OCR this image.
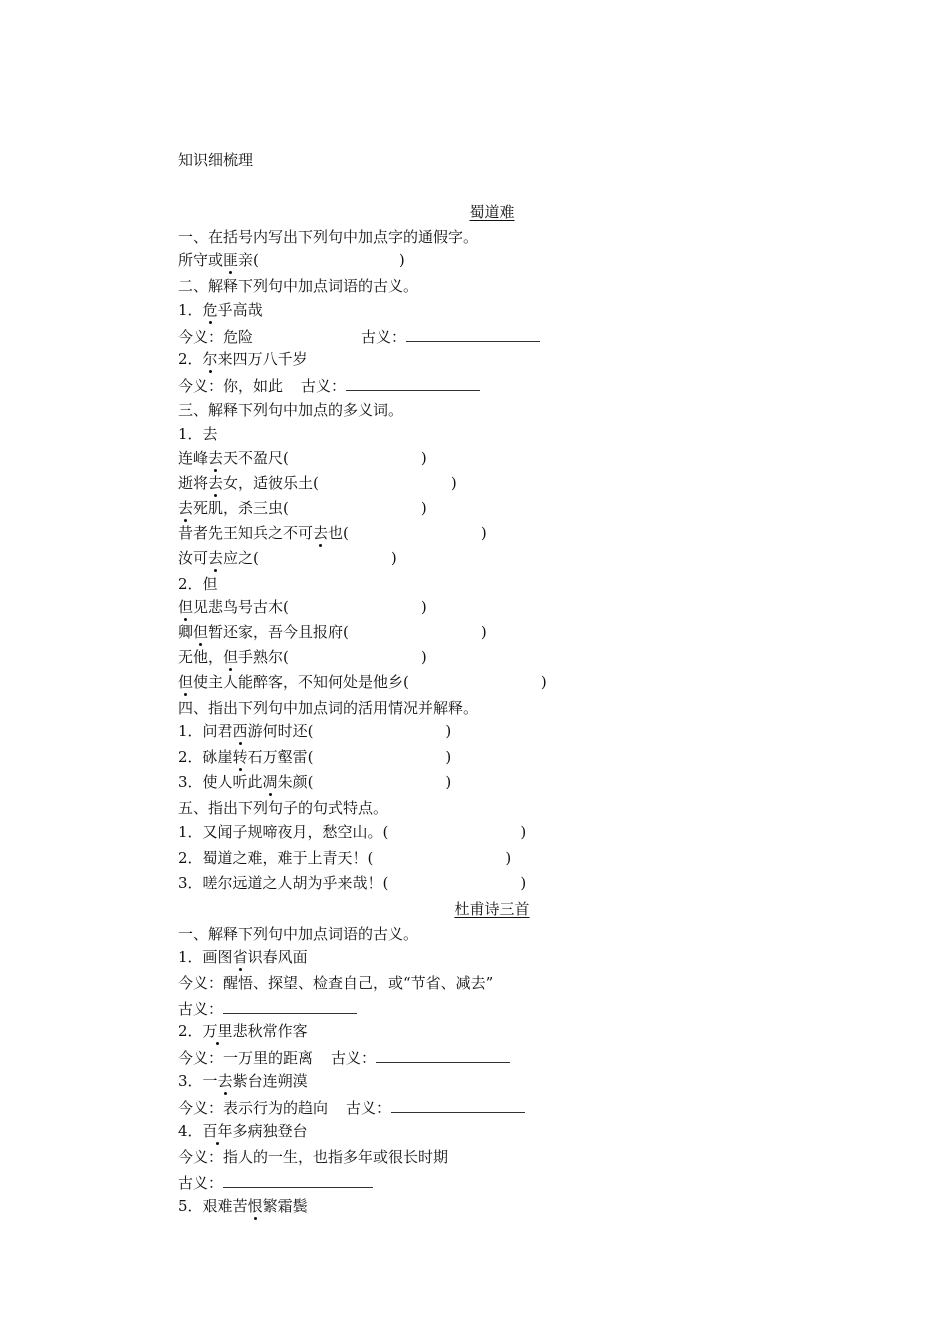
知识细梳理
蜀道难
一、在括号内写出下列句中加点字的通假字。
所守或匪亲(	)
二、解释下列句中加点词语的古义。
1．危乎高哉
今义：危险	古义：
2．尔来四万八千岁
今义：你，如此 古义：
三、解释下列句中加点的多义词。
1．去
连峰去天不盈尺(	)
逝将去女，适彼乐土(	)
去死肌，杀三虫(	)
昔者先王知兵之不可去也(	)
汝可去应之(	)
2．但
但见悲鸟号古木(	)
卿但暂还家，吾今且报府(	)
无他，但手熟尔(	)
但使主人能醉客，不知何处是他乡(	)
四、指出下列句中加点词的活用情况并解释。
1．问君西游何时还(	)
2．砯崖转石万壑雷(	)
3．使人听此凋朱颜(	)
五、指出下列句子的句式特点。
1．又闻子规啼夜月，愁空山。(	)
2．蜀道之难，难于上青天！(	)
3．嗟尔远道之人胡为乎来哉！(	)
杜甫诗三首
一、解释下列句中加点词语的古义。
1．画图省识春风面
今义：醒悟、探望、检查自己，或“节省、减去”
古义：
2．万里悲秋常作客
今义：一万里的距离 古义：
3．一去紫台连朔漠
今义：表示行为的趋向 古义：
4．百年多病独登台
今义：指人的一生，也指多年或很长时期
古义：
5．艰难苦恨繁霜鬓
